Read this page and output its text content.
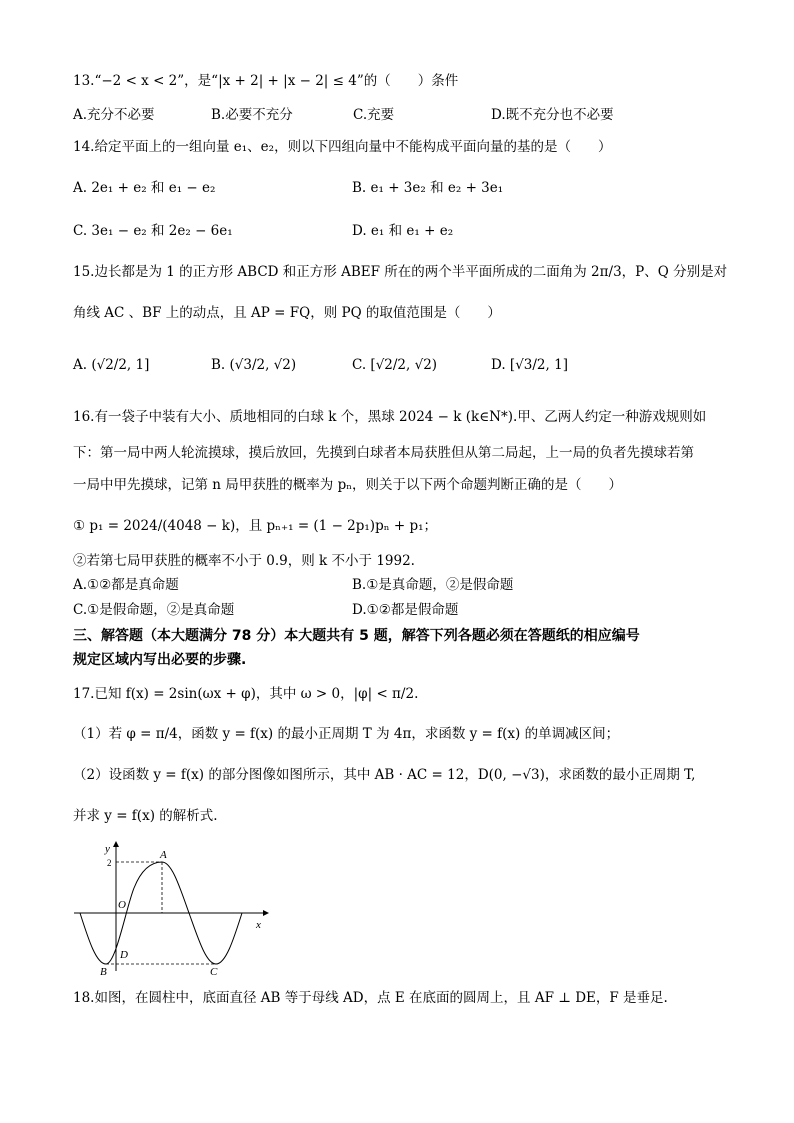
13.“−2 < x < 2”，是“|x + 2| + |x − 2| ≤ 4”的（　　）条件
A.充分不必要	B.必要不充分	C.充要	D.既不充分也不必要
14.给定平面上的一组向量 e₁、e₂，则以下四组向量中不能构成平面向量的基的是（　　）
A. 2e₁ + e₂ 和 e₁ − e₂	B. e₁ + 3e₂ 和 e₂ + 3e₁
C. 3e₁ − e₂ 和 2e₂ − 6e₁	D. e₁ 和 e₁ + e₂
15.边长都是为 1 的正方形 ABCD 和正方形 ABEF 所在的两个半平面所成的二面角为 2π/3，P、Q 分别是对
角线 AC 、BF 上的动点，且 AP = FQ，则 PQ 的取值范围是（　　）
A. (√2/2, 1]	B. (√3/2, √2)	C. [√2/2, √2)	D. [√3/2, 1]
16.有一袋子中装有大小、质地相同的白球 k 个，黑球 2024 − k (k∈N*).甲、乙两人约定一种游戏规则如
下：第一局中两人轮流摸球，摸后放回，先摸到白球者本局获胜但从第二局起，上一局的负者先摸球若第
一局中甲先摸球，记第 n 局甲获胜的概率为 pₙ，则关于以下两个命题判断正确的是（　　）
① p₁ = 2024/(4048 − k)，且 pₙ₊₁ = (1 − 2p₁)pₙ + p₁；
②若第七局甲获胜的概率不小于 0.9，则 k 不小于 1992.
A.①②都是真命题	B.①是真命题，②是假命题
C.①是假命题，②是真命题	D.①②都是假命题
三、解答题（本大题满分 78 分）本大题共有 5 题，解答下列各题必须在答题纸的相应编号
规定区域内写出必要的步骤.
17.已知 f(x) = 2sin(ωx + φ)，其中 ω > 0，|φ| < π/2.
（1）若 φ = π/4，函数 y = f(x) 的最小正周期 T 为 4π，求函数 y = f(x) 的单调减区间；
（2）设函数 y = f(x) 的部分图像如图所示，其中 AB · AC = 12，D(0, −√3)，求函数的最小正周期 T,
并求 y = f(x) 的解析式.
y
x
O
2
A
B	C
D
18.如图，在圆柱中，底面直径 AB 等于母线 AD，点 E 在底面的圆周上，且 AF ⊥ DE，F 是垂足.
